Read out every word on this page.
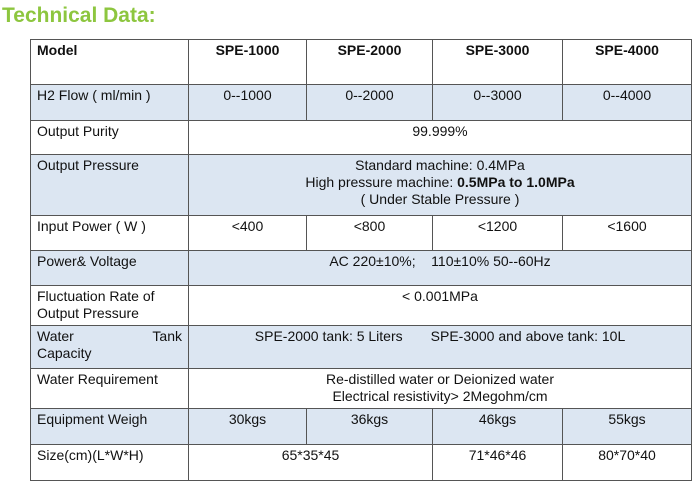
Technical Data:
Model	SPE-1000	SPE-2000	SPE-3000	SPE-4000
H2 Flow ( ml/min )	0--1000	0--2000	0--3000	0--4000
Output Purity	99.999%			
Output Pressure	Standard machine: 0.4MPa
High pressure machine: 0.5MPa to 1.0MPa
( Under Stable Pressure )			

Input Power ( W )	<400	<800	<1200	<1600
Power& Voltage	AC 220±10%;    110±10% 50--60Hz			

Fluctuation Rate of
Output Pressure	< 0.001MPa			

Water Tank
Capacity	SPE-2000 tank: 5 Liters SPE-3000 and above tank: 10L			
Water Requirement	Re-distilled water or Deionized water
Electrical resistivity> 2Megohm/cm			

Equipment Weigh	30kgs	36kgs	46kgs	55kgs
Size(cm)(L*W*H)	65*35*45		71*46*46	80*70*40
